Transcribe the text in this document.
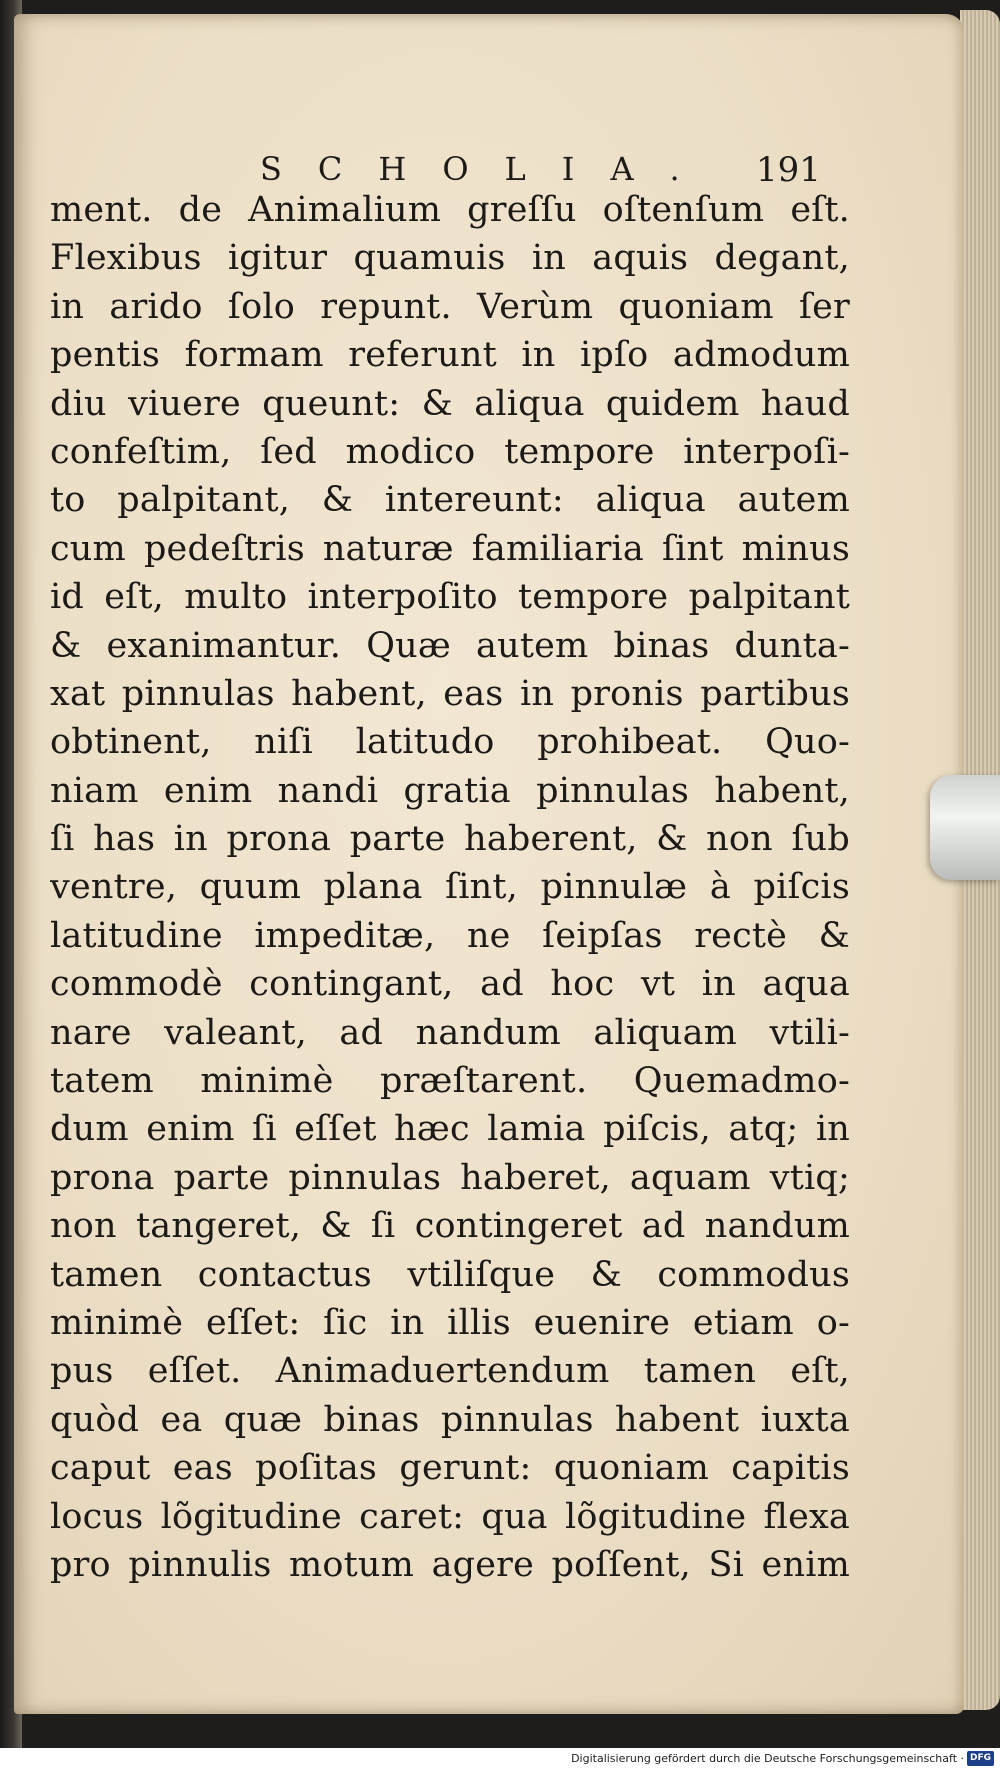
SCHOLIA.	191
ment. de Animalium greſſu oſtenſum eſt.
Flexibus igitur quamuis in aquis degant,
in arido ſolo repunt. Verùm quoniam ſer
pentis formam referunt in ipſo admodum
diu viuere queunt: & aliqua quidem haud
confeſtim, ſed modico tempore interpoſi-
to palpitant, & intereunt: aliqua autem
cum pedeſtris naturæ familiaria ſint minus
id eſt, multo interpoſito tempore palpitant
& exanimantur. Quæ autem binas dunta-
xat pinnulas habent, eas in pronis partibus
obtinent, niſi latitudo prohibeat. Quo-
niam enim nandi gratia pinnulas habent,
ſi has in prona parte haberent, & non ſub
ventre, quum plana ſint, pinnulæ à piſcis
latitudine impeditæ, ne ſeipſas rectè &
commodè contingant, ad hoc vt in aqua
nare valeant, ad nandum aliquam vtili-
tatem minimè præſtarent. Quemadmo-
dum enim ſi eſſet hæc lamia piſcis, atq; in
prona parte pinnulas haberet, aquam vtiq;
non tangeret, & ſi contingeret ad nandum
tamen contactus vtiliſque & commodus
minimè eſſet: ſic in illis euenire etiam o-
pus eſſet. Animaduertendum tamen eſt,
quòd ea quæ binas pinnulas habent iuxta
caput eas poſitas gerunt: quoniam capitis
locus lõgitudine caret: qua lõgitudine flexa
pro pinnulis motum agere poſſent, Si enim
Digitalisierung gefördert durch die Deutsche Forschungsgemeinschaft · DFG
